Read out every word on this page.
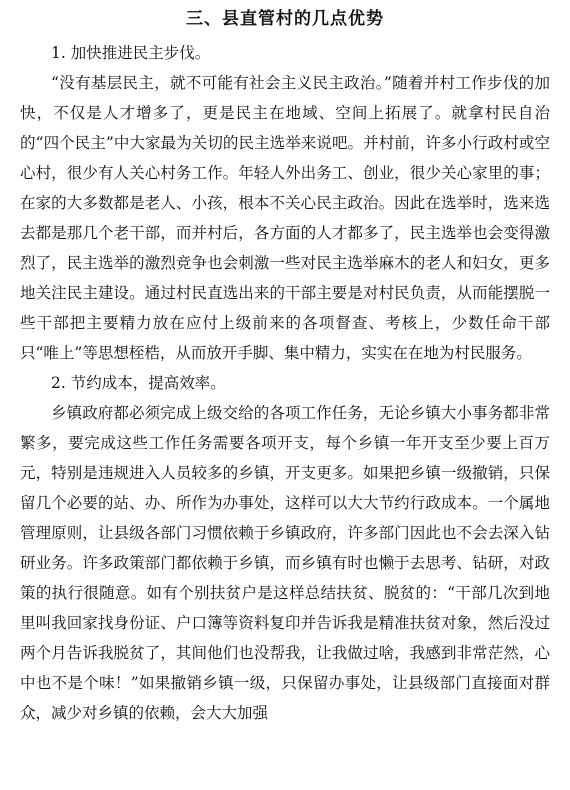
三、县直管村的几点优势

1. 加快推进民主步伐。

“没有基层民主，就不可能有社会主义民主政治。”随着并村工作步伐的加快，不仅是人才增多了，更是民主在地域、空间上拓展了。就拿村民自治的“四个民主”中大家最为关切的民主选举来说吧。并村前，许多小行政村或空心村，很少有人关心村务工作。年轻人外出务工、创业，很少关心家里的事；在家的大多数都是老人、小孩，根本不关心民主政治。因此在选举时，选来选去都是那几个老干部，而并村后，各方面的人才都多了，民主选举也会变得激烈了，民主选举的激烈竞争也会刺激一些对民主选举麻木的老人和妇女，更多地关注民主建设。通过村民直选出来的干部主要是对村民负责，从而能摆脱一些干部把主要精力放在应付上级前来的各项督查、考核上，少数任命干部只“唯上”等思想桎梏，从而放开手脚、集中精力，实实在在地为村民服务。

2. 节约成本，提高效率。

乡镇政府都必须完成上级交给的各项工作任务，无论乡镇大小事务都非常繁多，要完成这些工作任务需要各项开支，每个乡镇一年开支至少要上百万元，特别是违规进入人员较多的乡镇，开支更多。如果把乡镇一级撤销，只保留几个必要的站、办、所作为办事处，这样可以大大节约行政成本。一个属地管理原则，让县级各部门习惯依赖于乡镇政府，许多部门因此也不会去深入钻研业务。许多政策部门都依赖于乡镇，而乡镇有时也懒于去思考、钻研，对政策的执行很随意。如有个别扶贫户是这样总结扶贫、脱贫的：“干部几次到地里叫我回家找身份证、户口簿等资料复印并告诉我是精准扶贫对象，然后没过两个月告诉我脱贫了，其间他们也没帮我，让我做过啥，我感到非常茫然，心中也不是个味！”如果撤销乡镇一级，只保留办事处，让县级部门直接面对群众，减少对乡镇的依赖，会大大加强
